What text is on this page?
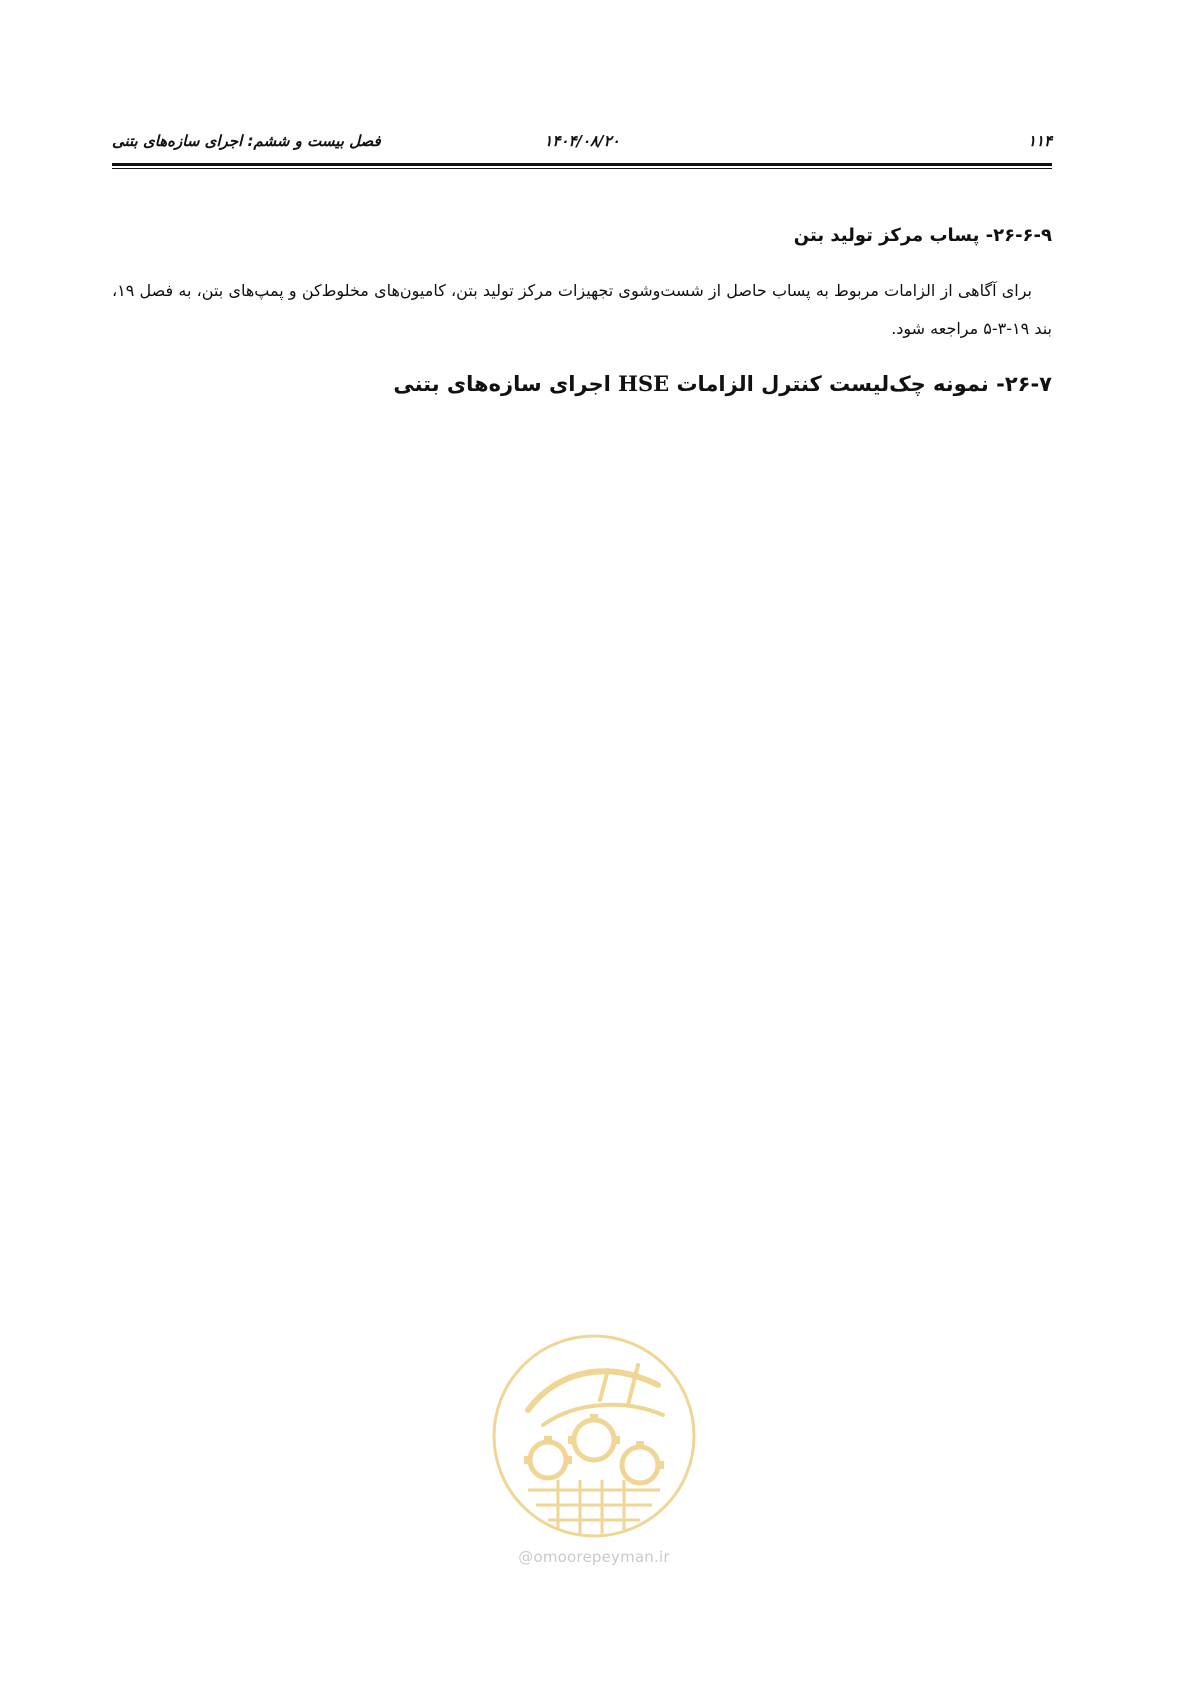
فصل بیست و ششم: اجرای سازه‌های بتنی	۱۴۰۴/۰۸/۲۰	۱۱۴
۲۶-۶-۹- پساب مرکز تولید بتن

برای آگاهی از الزامات مربوط به پساب حاصل از شست‌وشوی تجهیزات مرکز تولید بتن، کامیون‌های مخلوط‌کن و پمپ‌های بتن، به فصل ۱۹، بند ۱۹-۳-۵ مراجعه شود.

۲۶-۷- نمونه چک‌لیست کنترل الزامات HSE اجرای سازه‌های بتنی
@omoorepeyman.ir
